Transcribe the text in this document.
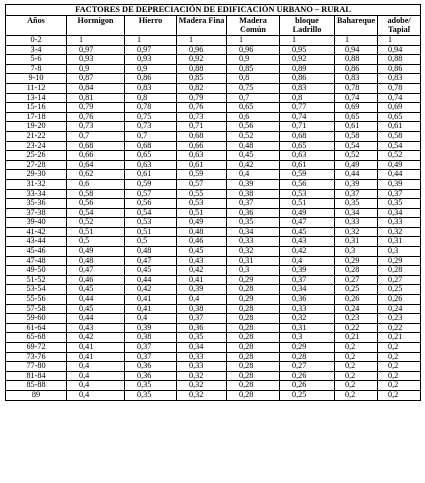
FACTORES DE DEPRECIACIÓN DE EDIFICACIÓN URBANO – RURAL							
Años	Hormigon	Hierro	Madera Fina	Madera Común	bloque Ladrillo	Bahareque	adobe/ Tapial
0-2	1	1	1	1	1	1	1
3-4	0,97	0,97	0,96	0,96	0,95	0,94	0,94
5-6	0,93	0,93	0,92	0,9	0,92	0,88	0,88
7-8	0,9	0,9	0,88	0,85	0,89	0,86	0,86
9-10	0,87	0,86	0,85	0,8	0,86	0,83	0,83
11-12	0,84	0,83	0,82	0,75	0,83	0,78	0,78
13-14	0,81	0,8	0,79	0,7	0,8	0,74	0,74
15-16	0,79	0,78	0,76	0,65	0,77	0,69	0,69
17-18	0,76	0,75	0,73	0,6	0,74	0,65	0,65
19-20	0,73	0,73	0,71	0,56	0,71	0,61	0,61
21-22	0,7	0,7	0,68	0,52	0,68	0,58	0,58
23-24	0,68	0,68	0,66	0,48	0,65	0,54	0,54
25-26	0,66	0,65	0,63	0,45	0,63	0,52	0,52
27-28	0,64	0,63	0,61	0,42	0,61	0,49	0,49
29-30	0,62	0,61	0,59	0,4	0,59	0,44	0,44
31-32	0,6	0,59	0,57	0,39	0,56	0,39	0,39
33-34	0,58	0,57	0,55	0,38	0,53	0,37	0,37
35-36	0,56	0,56	0,53	0,37	0,51	0,35	0,35
37-38	0,54	0,54	0,51	0,36	0,49	0,34	0,34
39-40	0,52	0,53	0,49	0,35	0,47	0,33	0,33
41-42	0,51	0,51	0,48	0,34	0,45	0,32	0,32
43-44	0,5	0,5	0,46	0,33	0,43	0,31	0,31
45-46	0,49	0,48	0,45	0,32	0,42	0,3	0,3
47-48	0,48	0,47	0,43	0,31	0,4	0,29	0,29
49-50	0,47	0,45	0,42	0,3	0,39	0,28	0,28
51-52	0,46	0,44	0,41	0,29	0,37	0,27	0,27
53-54	0,45	0,42	0,39	0,28	0,34	0,25	0,25
55-56	0,44	0,41	0,4	0,29	0,36	0,26	0,26
57-58	0,45	0,41	0,38	0,28	0,33	0,24	0,24
59-60	0,44	0,4	0,37	0,28	0,32	0,23	0,23
61-64	0,43	0,39	0,36	0,28	0,31	0,22	0,22
65-68	0,42	0,38	0,35	0,28	0,3	0,21	0,21
69-72	0,41	0,37	0,34	0,28	0,29	0,2	0,2
73-76	0,41	0,37	0,33	0,28	0,28	0,2	0,2
77-80	0,4	0,36	0,33	0,28	0,27	0,2	0,2
81-84	0,4	0,36	0,32	0,28	0,26	0,2	0,2
85-88	0,4	0,35	0,32	0,28	0,26	0,2	0,2
89	0,4	0,35	0,32	0,28	0,25	0,2	0,2
